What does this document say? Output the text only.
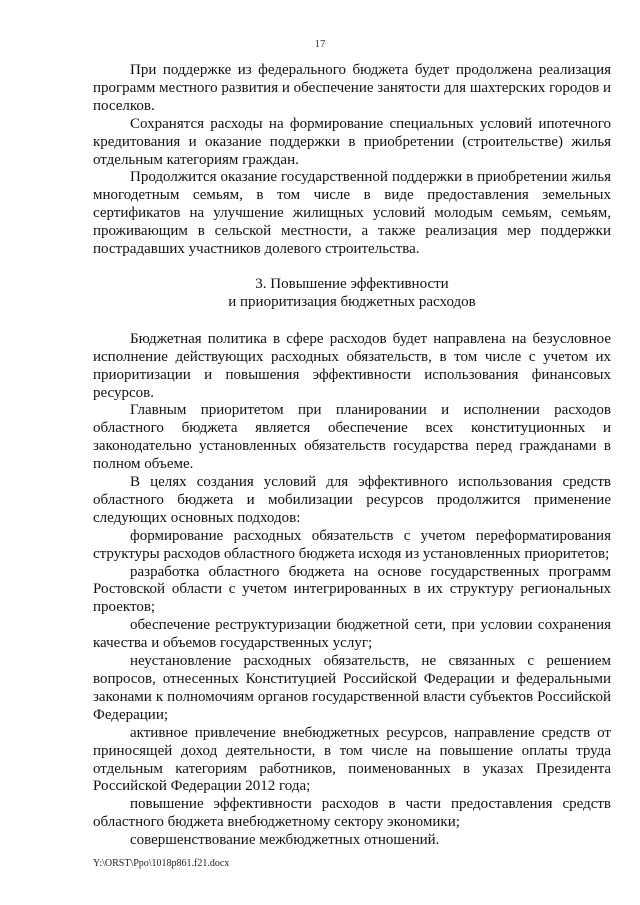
17

При поддержке из федерального бюджета будет продолжена реализация программ местного развития и обеспечение занятости для шахтерских городов и поселков.

Сохранятся расходы на формирование специальных условий ипотечного кредитования и оказание поддержки в приобретении (строительстве) жилья отдельным категориям граждан.

Продолжится оказание государственной поддержки в приобретении жилья многодетным семьям, в том числе в виде предоставления земельных сертификатов на улучшение жилищных условий молодым семьям, семьям, проживающим в сельской местности, а также реализация мер поддержки пострадавших участников долевого строительства.

3. Повышение эффективности
и приоритизация бюджетных расходов

Бюджетная политика в сфере расходов будет направлена на безусловное исполнение действующих расходных обязательств, в том числе с учетом их приоритизации и повышения эффективности использования финансовых ресурсов.

Главным приоритетом при планировании и исполнении расходов областного бюджета является обеспечение всех конституционных и законодательно установленных обязательств государства перед гражданами в полном объеме.

В целях создания условий для эффективного использования средств областного бюджета и мобилизации ресурсов продолжится применение следующих основных подходов:

формирование расходных обязательств с учетом переформатирования структуры расходов областного бюджета исходя из установленных приоритетов;

разработка областного бюджета на основе государственных программ Ростовской области с учетом интегрированных в их структуру региональных проектов;

обеспечение реструктуризации бюджетной сети, при условии сохранения качества и объемов государственных услуг;

неустановление расходных обязательств, не связанных с решением вопросов, отнесенных Конституцией Российской Федерации и федеральными законами к полномочиям органов государственной власти субъектов Российской Федерации;

активное привлечение внебюджетных ресурсов, направление средств от приносящей доход деятельности, в том числе на повышение оплаты труда отдельным категориям работников, поименованных в указах Президента Российской Федерации 2012 года;

повышение эффективности расходов в части предоставления средств областного бюджета внебюджетному сектору экономики;

совершенствование межбюджетных отношений.

Y:\ORST\Ppo\1018p861.f21.docx
